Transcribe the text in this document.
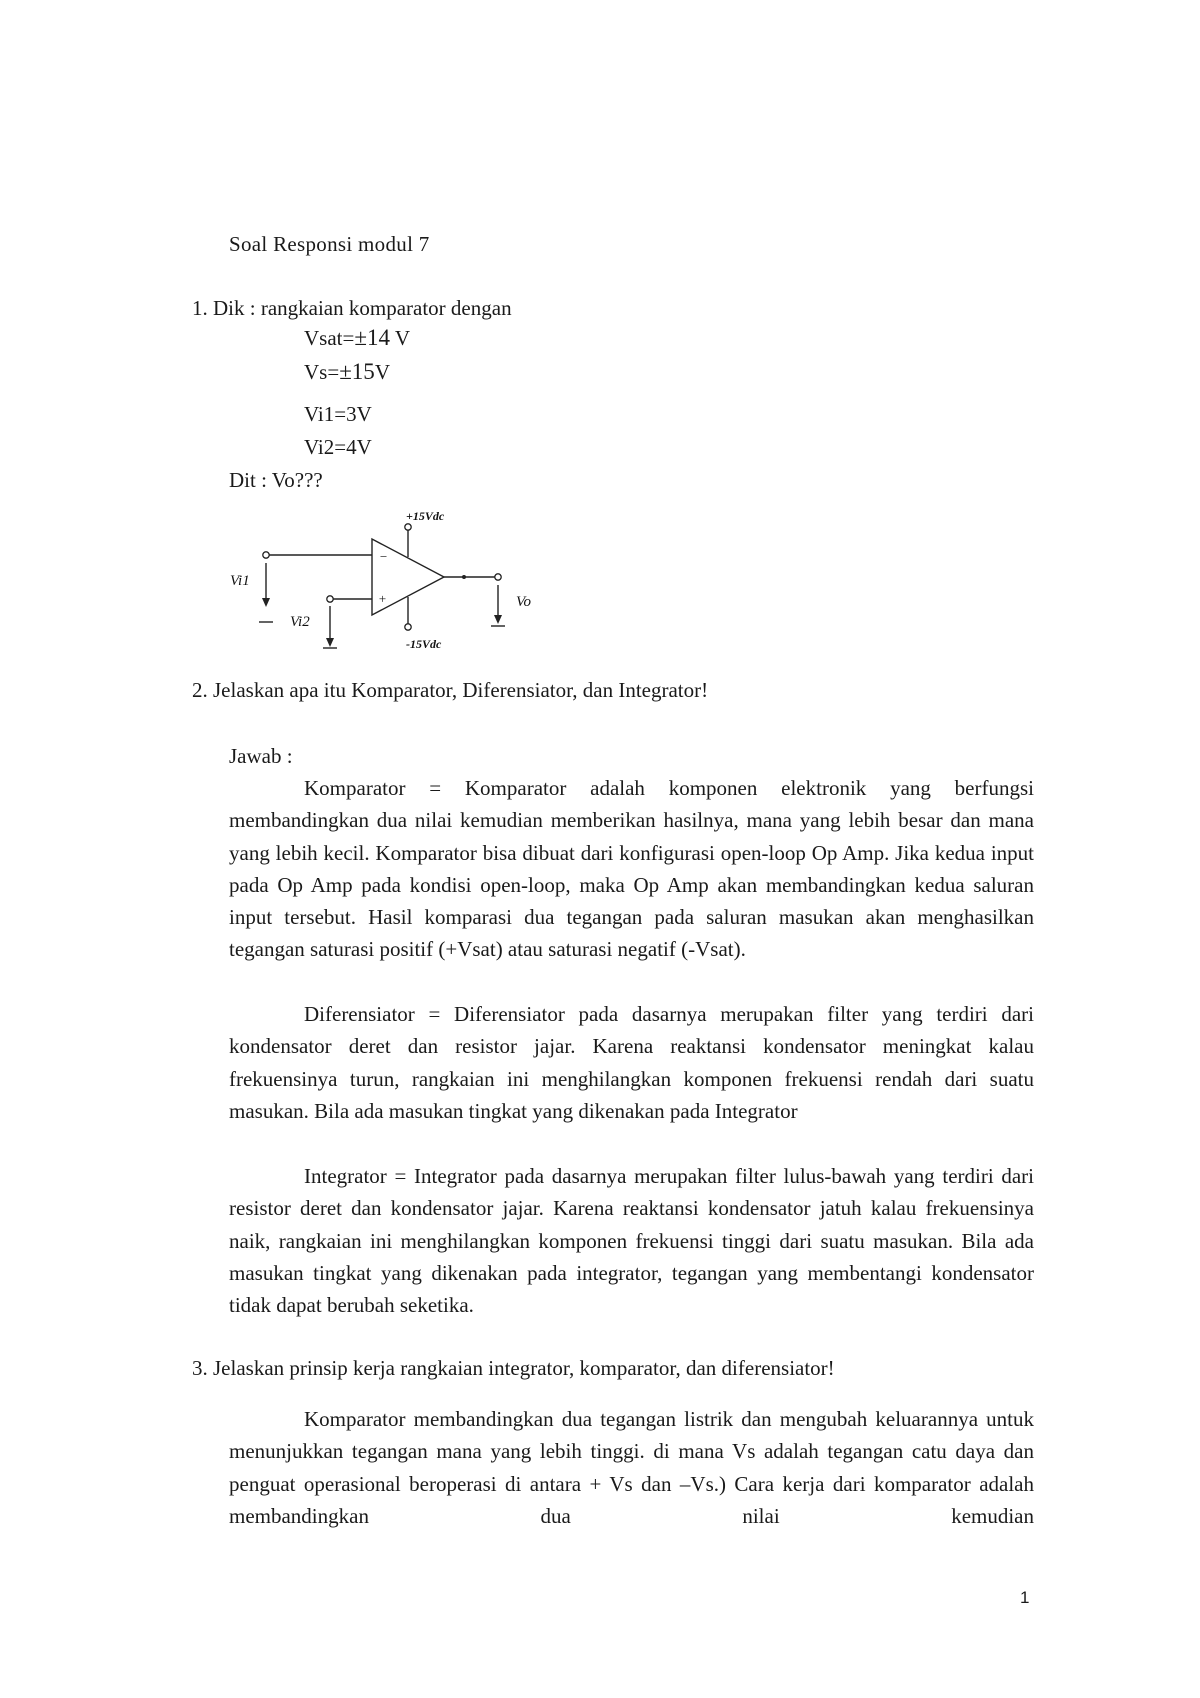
Soal Responsi modul 7
1. Dik : rangkaian komparator dengan
Vsat=±14 V
Vs=±15V
Vi1=3V
Vi2=4V
Dit : Vo???
−
+
+15Vdc
-15Vdc
Vi1
Vi2
Vo
2. Jelaskan apa itu Komparator, Diferensiator, dan Integrator!
Jawab :

Komparator = Komparator adalah komponen elektronik yang berfungsi membandingkan dua nilai kemudian memberikan hasilnya, mana yang lebih besar dan mana yang lebih kecil. Komparator bisa dibuat dari konfigurasi open-loop Op Amp. Jika kedua input pada Op Amp pada kondisi open-loop, maka Op Amp akan membandingkan kedua saluran input tersebut. Hasil komparasi dua tegangan pada saluran masukan akan menghasilkan tegangan saturasi positif (+Vsat) atau saturasi negatif (-Vsat).

Diferensiator = Diferensiator pada dasarnya merupakan filter yang terdiri dari kondensator deret dan resistor jajar. Karena reaktansi kondensator meningkat kalau frekuensinya turun, rangkaian ini menghilangkan komponen frekuensi rendah dari suatu masukan. Bila ada masukan tingkat yang dikenakan pada Integrator

Integrator = Integrator pada dasarnya merupakan filter lulus-bawah yang terdiri dari resistor deret dan kondensator jajar. Karena reaktansi kondensator jatuh kalau frekuensinya naik, rangkaian ini menghilangkan komponen frekuensi tinggi dari suatu masukan. Bila ada masukan tingkat yang dikenakan pada integrator, tegangan yang membentangi kondensator tidak dapat berubah seketika.

3. Jelaskan prinsip kerja rangkaian integrator, komparator, dan diferensiator!

Komparator membandingkan dua tegangan listrik dan mengubah keluarannya untuk menunjukkan tegangan mana yang lebih tinggi. di mana Vs adalah tegangan catu daya dan penguat operasional beroperasi di antara + Vs dan –Vs.) Cara kerja dari komparator adalah membandingkan dua nilai kemudian

1
